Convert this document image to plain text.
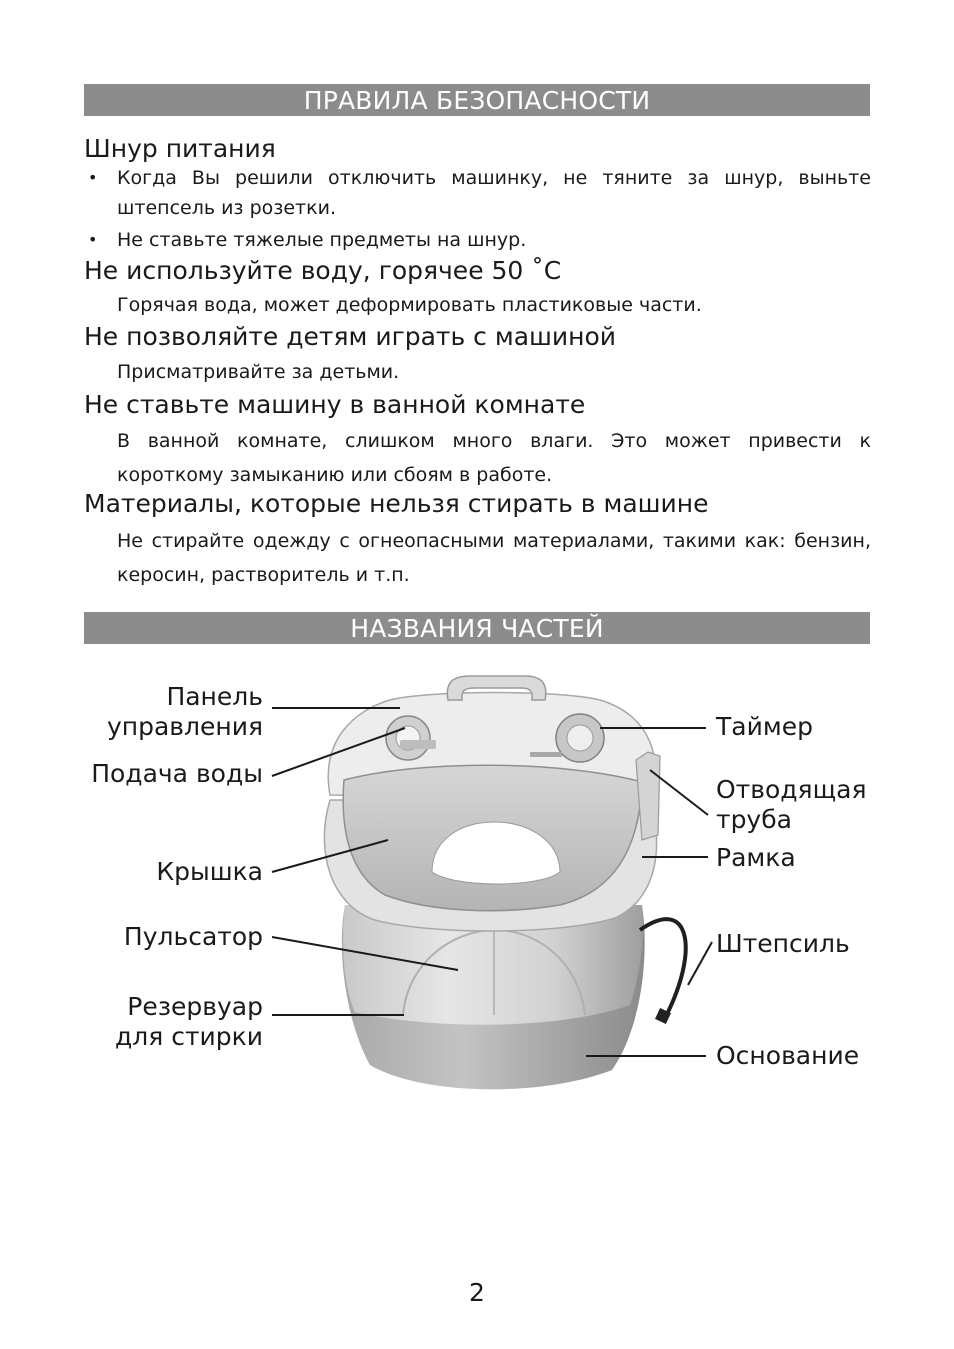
ПРАВИЛА БЕЗОПАСНОСТИ
Шнур питания
• Когда Вы решили отключить машинку, не тяните за шнур, выньте штепсель из розетки.
• Не ставьте тяжелые предметы на шнур.
Не используйте воду, горячее 50 ˚С
Горячая вода, может деформировать пластиковые части.
Не позволяйте детям играть с машиной
Присматривайте за детьми.
Не ставьте машину в ванной комнате
В ванной комнате, слишком много влаги. Это может привести к короткому замыканию или сбоям в работе.
Материалы, которые нельзя стирать в машине
Не стирайте одежду с огнеопасными материалами, такими как: бензин, керосин, растворитель и т.п.
НАЗВАНИЯ ЧАСТЕЙ
Панель
управления
Подача воды
Крышка
Пульсатор
Резервуар
для стирки
Таймер
Отводящая
труба
Рамка
Штепсиль
Основание
2
